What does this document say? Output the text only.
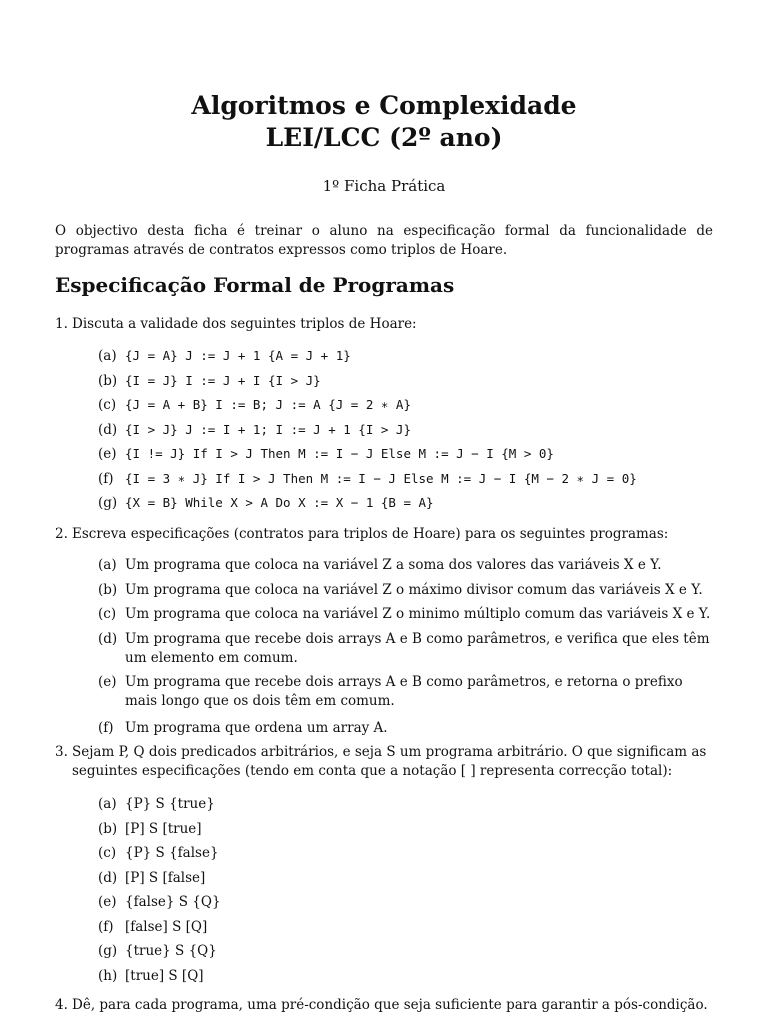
Algoritmos e Complexidade
LEI/LCC (2º ano)
1º Ficha Prática

O objectivo desta ficha é treinar o aluno na especificação formal da funcionalidade de programas através de contratos expressos como triplos de Hoare.

Especificação Formal de Programas
1. Discuta a validade dos seguintes triplos de Hoare:
(a) {J = A} J := J + 1 {A = J + 1}
(b) {I = J} I := J + I {I > J}
(c) {J = A + B} I := B; J := A {J = 2 ∗ A}
(d) {I > J} J := I + 1; I := J + 1 {I > J}
(e) {I != J} If I > J Then M := I − J Else M := J − I {M > 0}
(f) {I = 3 ∗ J} If I > J Then M := I − J Else M := J − I {M − 2 ∗ J = 0}
(g) {X = B} While X > A Do X := X − 1 {B = A}
2. Escreva especificações (contratos para triplos de Hoare) para os seguintes programas:
(a) Um programa que coloca na variável Z a soma dos valores das variáveis X e Y.
(b) Um programa que coloca na variável Z o máximo divisor comum das variáveis X e Y.
(c) Um programa que coloca na variável Z o minimo múltiplo comum das variáveis X e Y.
(d) Um programa que recebe dois arrays A e B como parâmetros, e verifica que eles têm um elemento em comum.
(e) Um programa que recebe dois arrays A e B como parâmetros, e retorna o prefixo mais longo que os dois têm em comum.
(f) Um programa que ordena um array A.
3. Sejam P, Q dois predicados arbitrários, e seja S um programa arbitrário. O que significam as seguintes especificações (tendo em conta que a notação [ ] representa correcção total):
(a) {P} S {true}
(b) [P] S [true]
(c) {P} S {false}
(d) [P] S [false]
(e) {false} S {Q}
(f) [false] S [Q]
(g) {true} S {Q}
(h) [true] S [Q]
4. Dê, para cada programa, uma pré-condição que seja suficiente para garantir a pós-condição.
